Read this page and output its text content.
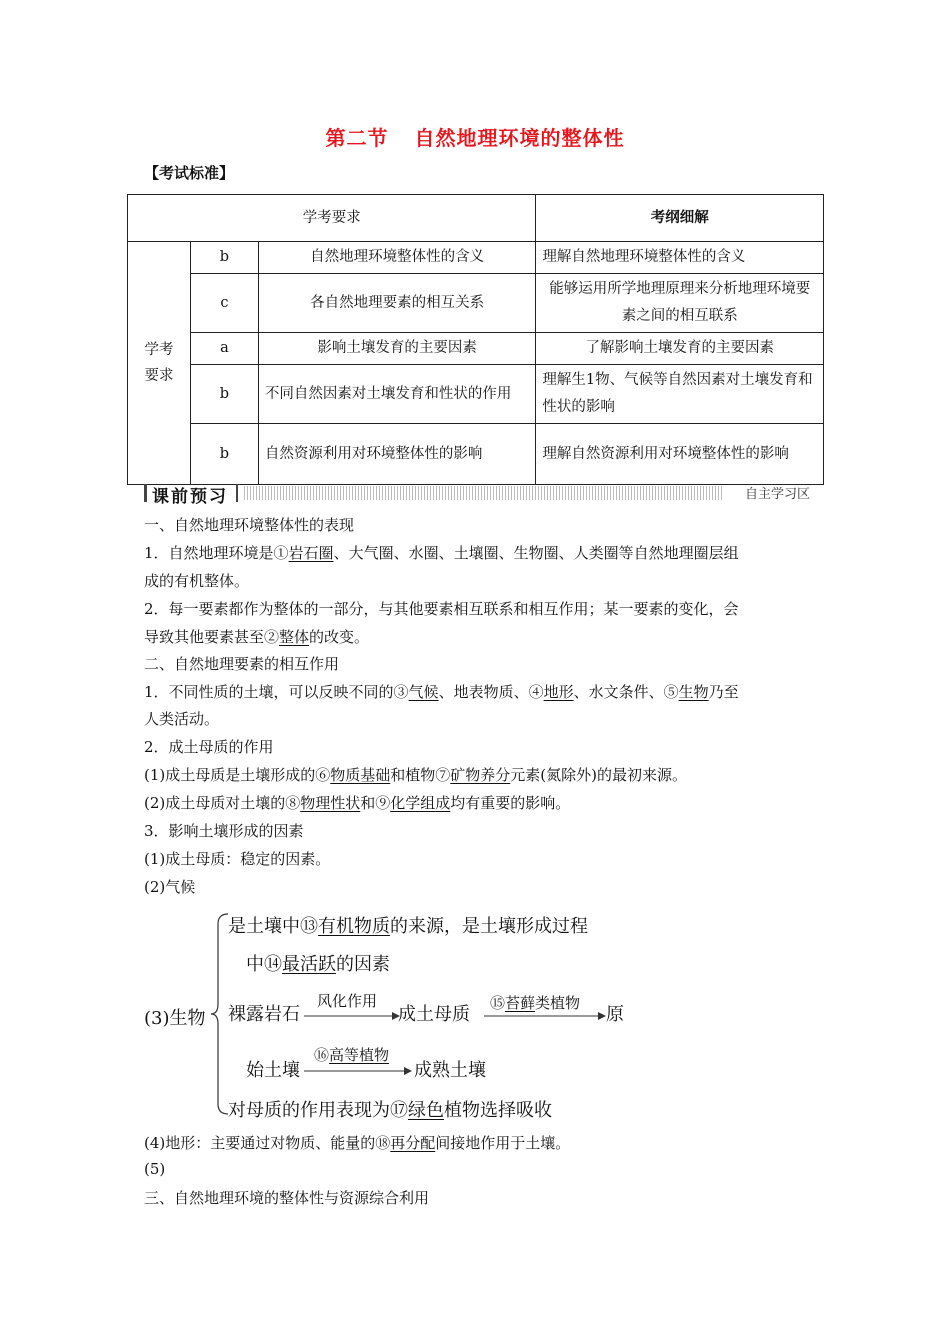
第二节 自然地理环境的整体性
【考试标准】
学考要求			考纲细解
学考
要求	b	自然地理环境整体性的含义	理解自然地理环境整体性的含义
	c	各自然地理要素的相互关系	能够运用所学地理原理来分析地理环境要素之间的相互联系
	a	影响土壤发育的主要因素	了解影响土壤发育的主要因素
	b	不同自然因素对土壤发育和性状的作用	理解生1物、气候等自然因素对土壤发育和性状的影响
	b	自然资源利用对环境整体性的影响	理解自然资源利用对环境整体性的影响
课前预习	自主学习区
一、自然地理环境整体性的表现
1．自然地理环境是①岩石圈、大气圈、水圈、土壤圈、生物圈、人类圈等自然地理圈层组
成的有机整体。
2．每一要素都作为整体的一部分，与其他要素相互联系和相互作用；某一要素的变化，会
导致其他要素甚至②整体的改变。
二、自然地理要素的相互作用
1．不同性质的土壤，可以反映不同的③气候、地表物质、④地形、水文条件、⑤生物乃至
人类活动。
2．成土母质的作用
(1)成土母质是土壤形成的⑥物质基础和植物⑦矿物养分元素(氮除外)的最初来源。
(2)成土母质对土壤的⑧物理性状和⑨化学组成均有重要的影响。
3．影响土壤形成的因素
(1)成土母质：稳定的因素。
(2)气候
(3)生物
是土壤中⑬有机物质的来源，是土壤形成过程
中⑭最活跃的因素
裸露岩石
风化作用
成土母质
⑮苔藓类植物
原
始土壤
⑯高等植物
成熟土壤
对母质的作用表现为⑰绿色植物选择吸收
(4)地形：主要通过对物质、能量的⑱再分配间接地作用于土壤。
(5)
三、自然地理环境的整体性与资源综合利用
